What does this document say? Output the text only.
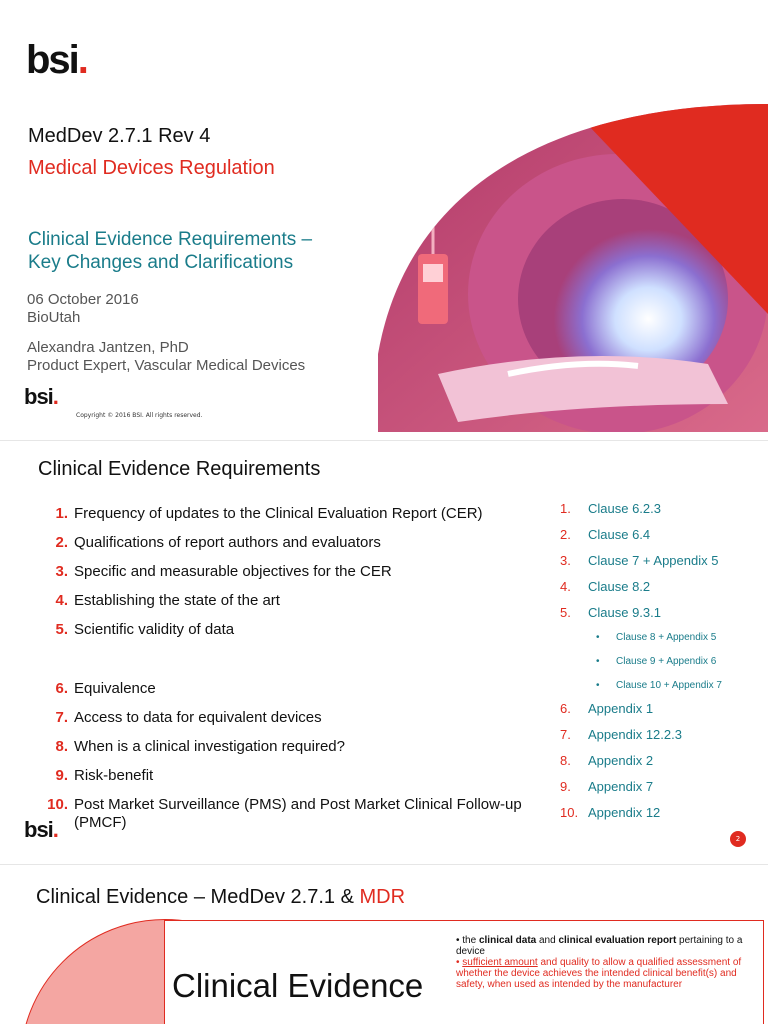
bsi.
MedDev 2.7.1 Rev 4
Medical Devices Regulation
Clinical Evidence Requirements –
Key Changes and Clarifications
06 October 2016
BioUtah
Alexandra Jantzen, PhD
Product Expert, Vascular Medical Devices
bsi.
Copyright © 2016 BSI. All rights reserved.
Clinical Evidence Requirements
1. Frequency of updates to the Clinical Evaluation Report (CER)
2. Qualifications of report authors and evaluators
3. Specific and measurable objectives for the CER
4. Establishing the state of the art
5. Scientific validity of data
6. Equivalence
7. Access to data for equivalent devices
8. When is a clinical investigation required?
9. Risk-benefit
10. Post Market Surveillance (PMS) and Post Market Clinical Follow-up (PMCF)
1.	Clause 6.2.3
2.	Clause 6.4
3.	Clause 7 + Appendix 5
4.	Clause 8.2
5.	Clause 9.3.1
• Clause 8 + Appendix 5
• Clause 9 + Appendix 6
• Clause 10 + Appendix 7
6.	Appendix 1
7.	Appendix 12.2.3
8.	Appendix 2
9.	Appendix 7
10. Appendix 12
bsi.	2
Clinical Evidence – MedDev 2.7.1 & MDR
Clinical Evidence
• the clinical data and clinical evaluation report pertaining to a device
• sufficient amount and quality to allow a qualified assessment of whether the device achieves the intended clinical benefit(s) and safety, when used as intended by the manufacturer
